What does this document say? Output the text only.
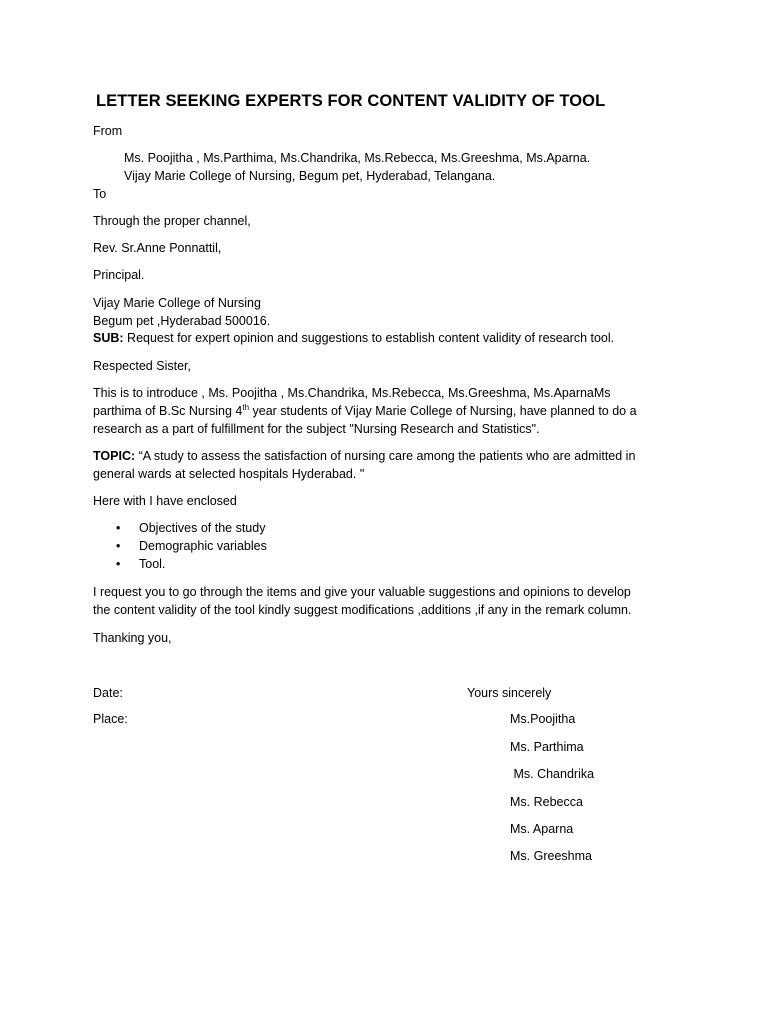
LETTER SEEKING EXPERTS FOR CONTENT VALIDITY OF TOOL
From
Ms. Poojitha , Ms.Parthima, Ms.Chandrika, Ms.Rebecca, Ms.Greeshma, Ms.Aparna.
Vijay Marie College of Nursing, Begum pet, Hyderabad, Telangana.
To
Through the proper channel,
Rev. Sr.Anne Ponnattil,
Principal.
Vijay Marie College of Nursing
Begum pet ,Hyderabad 500016.
SUB: Request for expert opinion and suggestions to establish content validity of research tool.
Respected Sister,
This is to introduce , Ms. Poojitha , Ms.Chandrika, Ms.Rebecca, Ms.Greeshma, Ms.AparnaMs
parthima of B.Sc Nursing 4th year students of Vijay Marie College of Nursing, have planned to do a
research as a part of fulfillment for the subject "Nursing Research and Statistics".
TOPIC: “A study to assess the satisfaction of nursing care among the patients who are admitted in
general wards at selected hospitals Hyderabad. "
Here with I have enclosed
• Objectives of the study
• Demographic variables
• Tool.
I request you to go through the items and give your valuable suggestions and opinions to develop
the content validity of the tool kindly suggest modifications ,additions ,if any in the remark column.
Thanking you,
Date:
Place:
Yours sincerely
Ms.Poojitha
Ms. Parthima
Ms. Chandrika
Ms. Rebecca
Ms. Aparna
Ms. Greeshma
